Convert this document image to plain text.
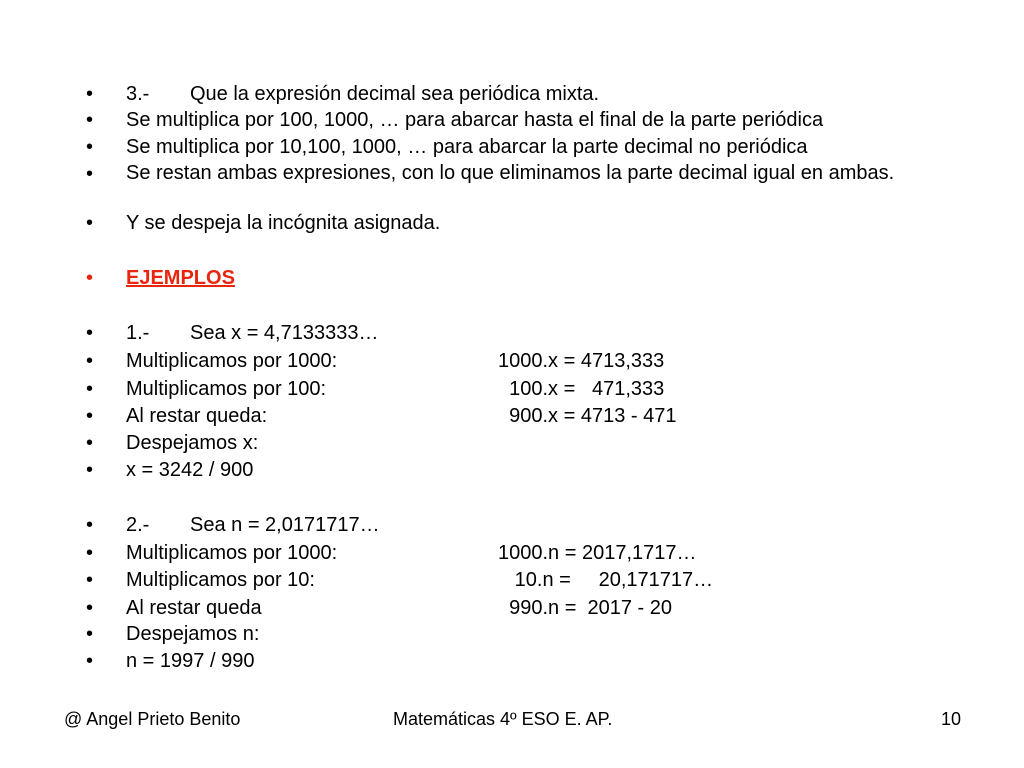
• 3.- Que la expresión decimal sea periódica mixta.
• Se multiplica por 100, 1000, … para abarcar hasta el final de la parte periódica
• Se multiplica por 10,100, 1000, … para abarcar la parte decimal no periódica
• Se restan ambas expresiones, con lo que eliminamos la parte decimal igual en ambas.
• Y se despeja la incógnita asignada.
• EJEMPLOS
• 1.- Sea x = 4,7133333…
• Multiplicamos por 1000:	1000.x = 4713,333
• Multiplicamos por 100:	100.x =   471,333
• Al restar queda:	900.x = 4713 - 471
• Despejamos x:
• x = 3242 / 900
• 2.- Sea n = 2,0171717…
• Multiplicamos por 1000:	1000.n = 2017,1717…
• Multiplicamos por 10:	10.n =     20,171717…
• Al restar queda	990.n =  2017 - 20
• Despejamos n:
• n = 1997 / 990
@ Angel Prieto Benito	Matemáticas 4º ESO E. AP.	10
